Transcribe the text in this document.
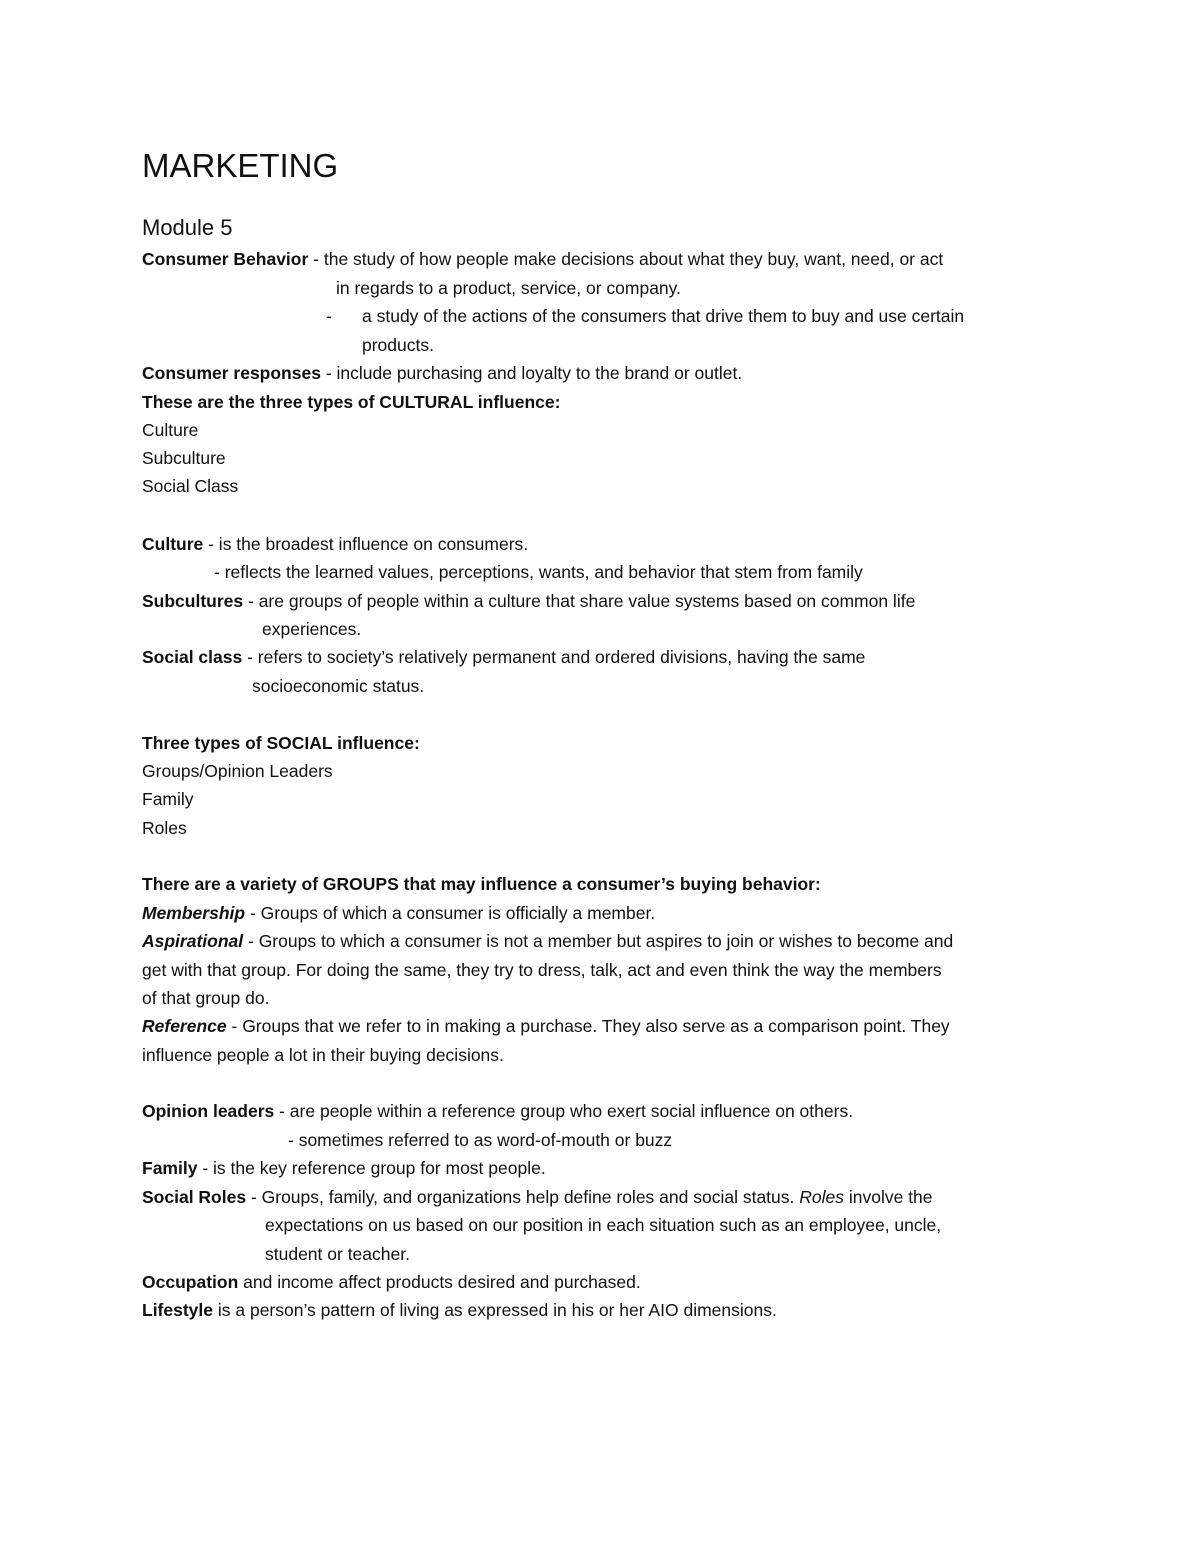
MARKETING
Module 5
Consumer Behavior - the study of how people make decisions about what they buy, want, need, or act
in regards to a product, service, or company.
- a study of the actions of the consumers that drive them to buy and use certain
products.
Consumer responses - include purchasing and loyalty to the brand or outlet.
These are the three types of CULTURAL influence:
Culture
Subculture
Social Class
Culture - is the broadest influence on consumers.
- reflects the learned values, perceptions, wants, and behavior that stem from family
Subcultures - are groups of people within a culture that share value systems based on common life
experiences.
Social class - refers to society’s relatively permanent and ordered divisions, having the same
socioeconomic status.
Three types of SOCIAL influence:
Groups/Opinion Leaders
Family
Roles
There are a variety of GROUPS that may influence a consumer’s buying behavior:
Membership - Groups of which a consumer is officially a member.
Aspirational - Groups to which a consumer is not a member but aspires to join or wishes to become and
get with that group. For doing the same, they try to dress, talk, act and even think the way the members
of that group do.
Reference - Groups that we refer to in making a purchase. They also serve as a comparison point. They
influence people a lot in their buying decisions.
Opinion leaders - are people within a reference group who exert social influence on others.
- sometimes referred to as word-of-mouth or buzz
Family - is the key reference group for most people.
Social Roles - Groups, family, and organizations help define roles and social status. Roles involve the
expectations on us based on our position in each situation such as an employee, uncle,
student or teacher.
Occupation and income affect products desired and purchased.
Lifestyle is a person’s pattern of living as expressed in his or her AIO dimensions.
